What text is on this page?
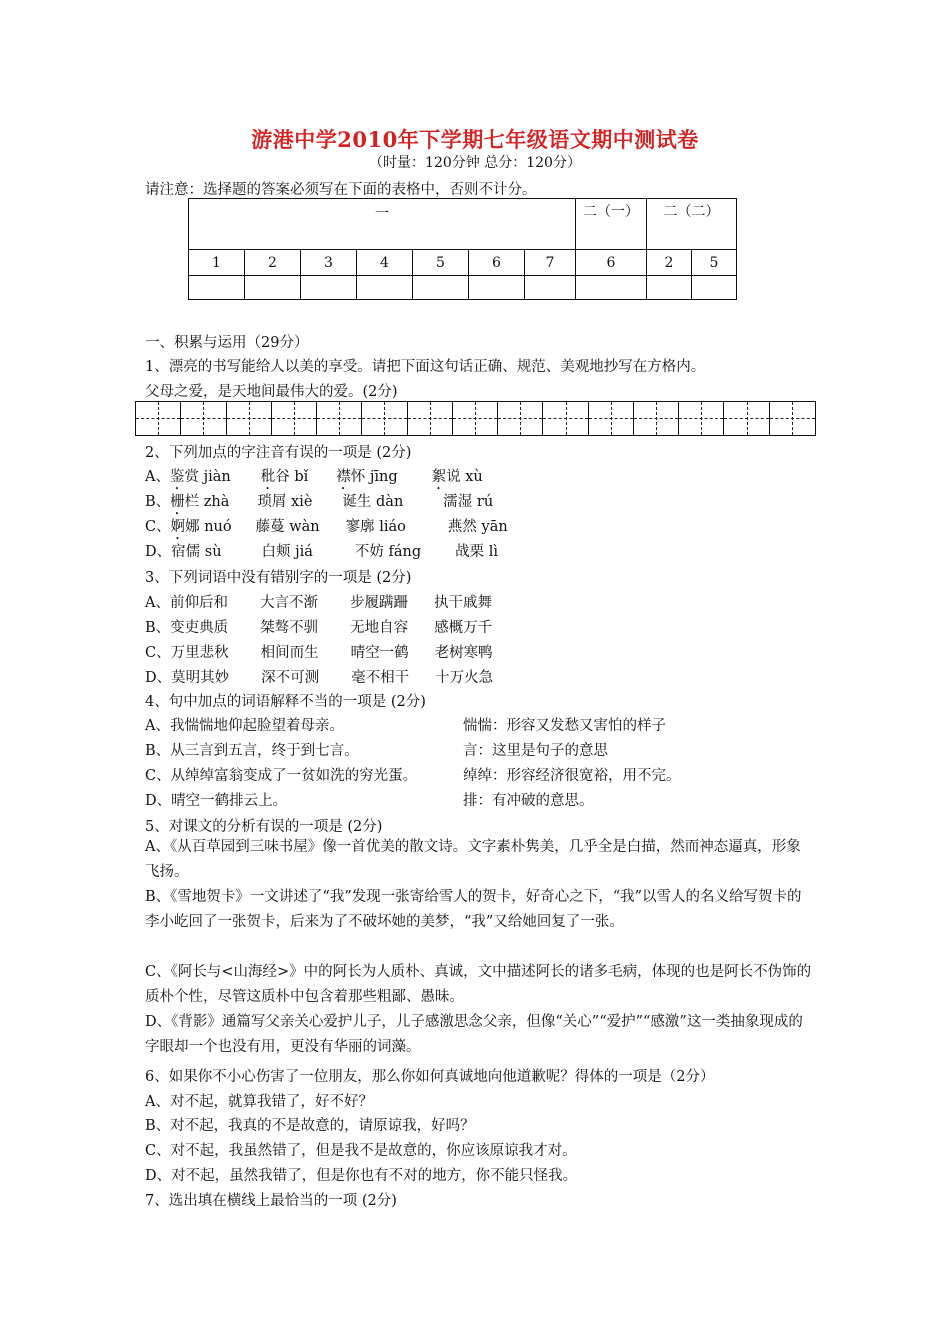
游港中学2010年下学期七年级语文期中测试卷
（时量：120分钟 总分：120分）
请注意：选择题的答案必须写在下面的表格中，否则不计分。
一							二（一）	二（二）	
1	2	3	4	5	6	7	6	2	5

一、积累与运用（29分）
1、漂亮的书写能给人以美的享受。请把下面这句话正确、规范、美观地抄写在方格内。
父母之爱，是天地间最伟大的爱。(2分)
2、下列加点的字注音有误的一项是 (2分)
A、鉴赏 jiàn 秕谷 bǐ 襟怀 jīng 絮说 xù
B、栅栏 zhà 琐屑 xiè 诞生 dàn	濡湿 rú
C、婀娜 nuó 藤蔓 wàn 寥廓 liáo	燕然 yān
D、宿儒 sù	白颊 jiá	不妨 fáng 战栗 lì
3、下列词语中没有错别字的一项是 (2分)
A、前仰后和 大言不渐 步履蹒跚 执干戚舞
B、变吏典质 桀骜不驯 无地自容 感概万千
C、万里悲秋 相间而生 晴空一鹤 老树寒鸭
D、莫明其妙 深不可测 毫不相干 十万火急
4、句中加点的词语解释不当的一项是 (2分)
A、我惴惴地仰起脸望着母亲。	惴惴：形容又发愁又害怕的样子
B、从三言到五言，终于到七言。	言：这里是句子的意思
C、从绰绰富翁变成了一贫如洗的穷光蛋。	绰绰：形容经济很宽裕，用不完。
D、晴空一鹤排云上。	排：有冲破的意思。
5、对课文的分析有误的一项是 (2分)
A、《从百草园到三味书屋》像一首优美的散文诗。文字素朴隽美，几乎全是白描，然而神态逼真，形象飞扬。
B、《雪地贺卡》一文讲述了“我”发现一张寄给雪人的贺卡，好奇心之下，“我”以雪人的名义给写贺卡的李小屹回了一张贺卡，后来为了不破坏她的美梦，“我”又给她回复了一张。
C、《阿长与<山海经>》中的阿长为人质朴、真诚，文中描述阿长的诸多毛病，体现的也是阿长不伪饰的质朴个性，尽管这质朴中包含着那些粗鄙、愚昧。
D、《背影》通篇写父亲关心爱护儿子，儿子感激思念父亲，但像“关心”“爱护”“感激”这一类抽象现成的字眼却一个也没有用，更没有华丽的词藻。
6、如果你不小心伤害了一位朋友，那么你如何真诚地向他道歉呢？得体的一项是（2分）
A、对不起，就算我错了，好不好？
B、对不起，我真的不是故意的，请原谅我，好吗？
C、对不起，我虽然错了，但是我不是故意的，你应该原谅我才对。
D、对不起，虽然我错了，但是你也有不对的地方，你不能只怪我。
7、选出填在横线上最恰当的一项 (2分)
